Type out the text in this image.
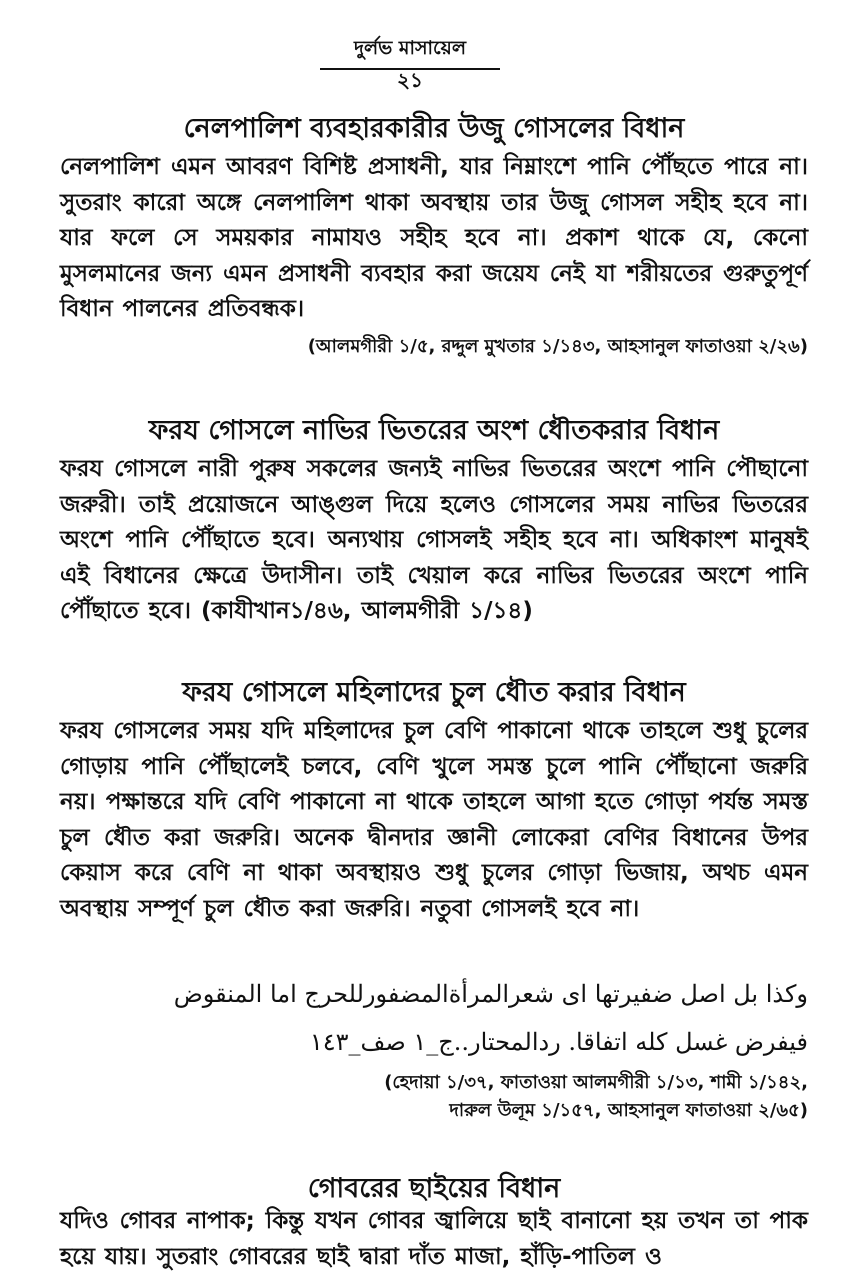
দুর্লভ মাসায়েল
২১
নেলপালিশ ব্যবহারকারীর উজু গোসলের বিধান
নেলপালিশ এমন আবরণ বিশিষ্ট প্রসাধনী, যার নিম্নাংশে পানি পৌঁছতে পারে না। সুতরাং কারো অঙ্গে নেলপালিশ থাকা অবস্থায় তার উজু গোসল সহীহ হবে না। যার ফলে সে সময়কার নামাযও সহীহ হবে না। প্রকাশ থাকে যে, কেনো মুসলমানের জন্য এমন প্রসাধনী ব্যবহার করা জয়েয নেই যা শরীয়তের গুরুতুপূর্ণ বিধান পালনের প্রতিবন্ধক।
(আলমগীরী ১/৫, রদ্দুল মুখতার ১/১৪৩, আহসানুল ফাতাওয়া ২/২৬)
ফরয গোসলে নাভির ভিতরের অংশ ধৌতকরার বিধান
ফরয গোসলে নারী পুরুষ সকলের জন্যই নাভির ভিতরের অংশে পানি পৌছানো জরুরী। তাই প্রয়োজনে আঙ্গুল দিয়ে হলেও গোসলের সময় নাভির ভিতরের অংশে পানি পৌঁছাতে হবে। অন্যথায় গোসলই সহীহ হবে না। অধিকাংশ মানুষই এই বিধানের ক্ষেত্রে উদাসীন। তাই খেয়াল করে নাভির ভিতরের অংশে পানি পৌঁছাতে হবে। (কাযীখান১/৪৬, আলমগীরী ১/১৪)
ফরয গোসলে মহিলাদের চুল ধৌত করার বিধান
ফরয গোসলের সময় যদি মহিলাদের চুল বেণি পাকানো থাকে তাহলে শুধু চুলের গোড়ায় পানি পৌঁছালেই চলবে, বেণি খুলে সমস্ত চুলে পানি পৌঁছানো জরুরি নয়। পক্ষান্তরে যদি বেণি পাকানো না থাকে তাহলে আগা হতে গোড়া পর্যন্ত সমস্ত চুল ধৌত করা জরুরি। অনেক দ্বীনদার জ্ঞানী লোকেরা বেণির বিধানের উপর কেয়াস করে বেণি না থাকা অবস্থায়ও শুধু চুলের গোড়া ভিজায়, অথচ এমন অবস্থায় সম্পূর্ণ চুল ধৌত করা জরুরি। নতুবা গোসলই হবে না।
وكذا بل اصل ضفيرتها اى شعرالمرأةالمضفورللحرج اما المنقوض
فيفرض غسل كله اتفاقا. ردالمحتار..ج_١ صف_١٤٣
(হেদায়া ১/৩৭, ফাতাওয়া আলমগীরী ১/১৩, শামী ১/১৪২,
দারুল উলূম ১/১৫৭, আহসানুল ফাতাওয়া ২/৬৫)
গোবরের ছাইয়ের বিধান
যদিও গোবর নাপাক; কিন্তু যখন গোবর জ্বালিয়ে ছাই বানানো হয় তখন তা পাক হয়ে যায়। সুতরাং গোবরের ছাই দ্বারা দাঁত মাজা, হাঁড়ি-পাতিল ও
